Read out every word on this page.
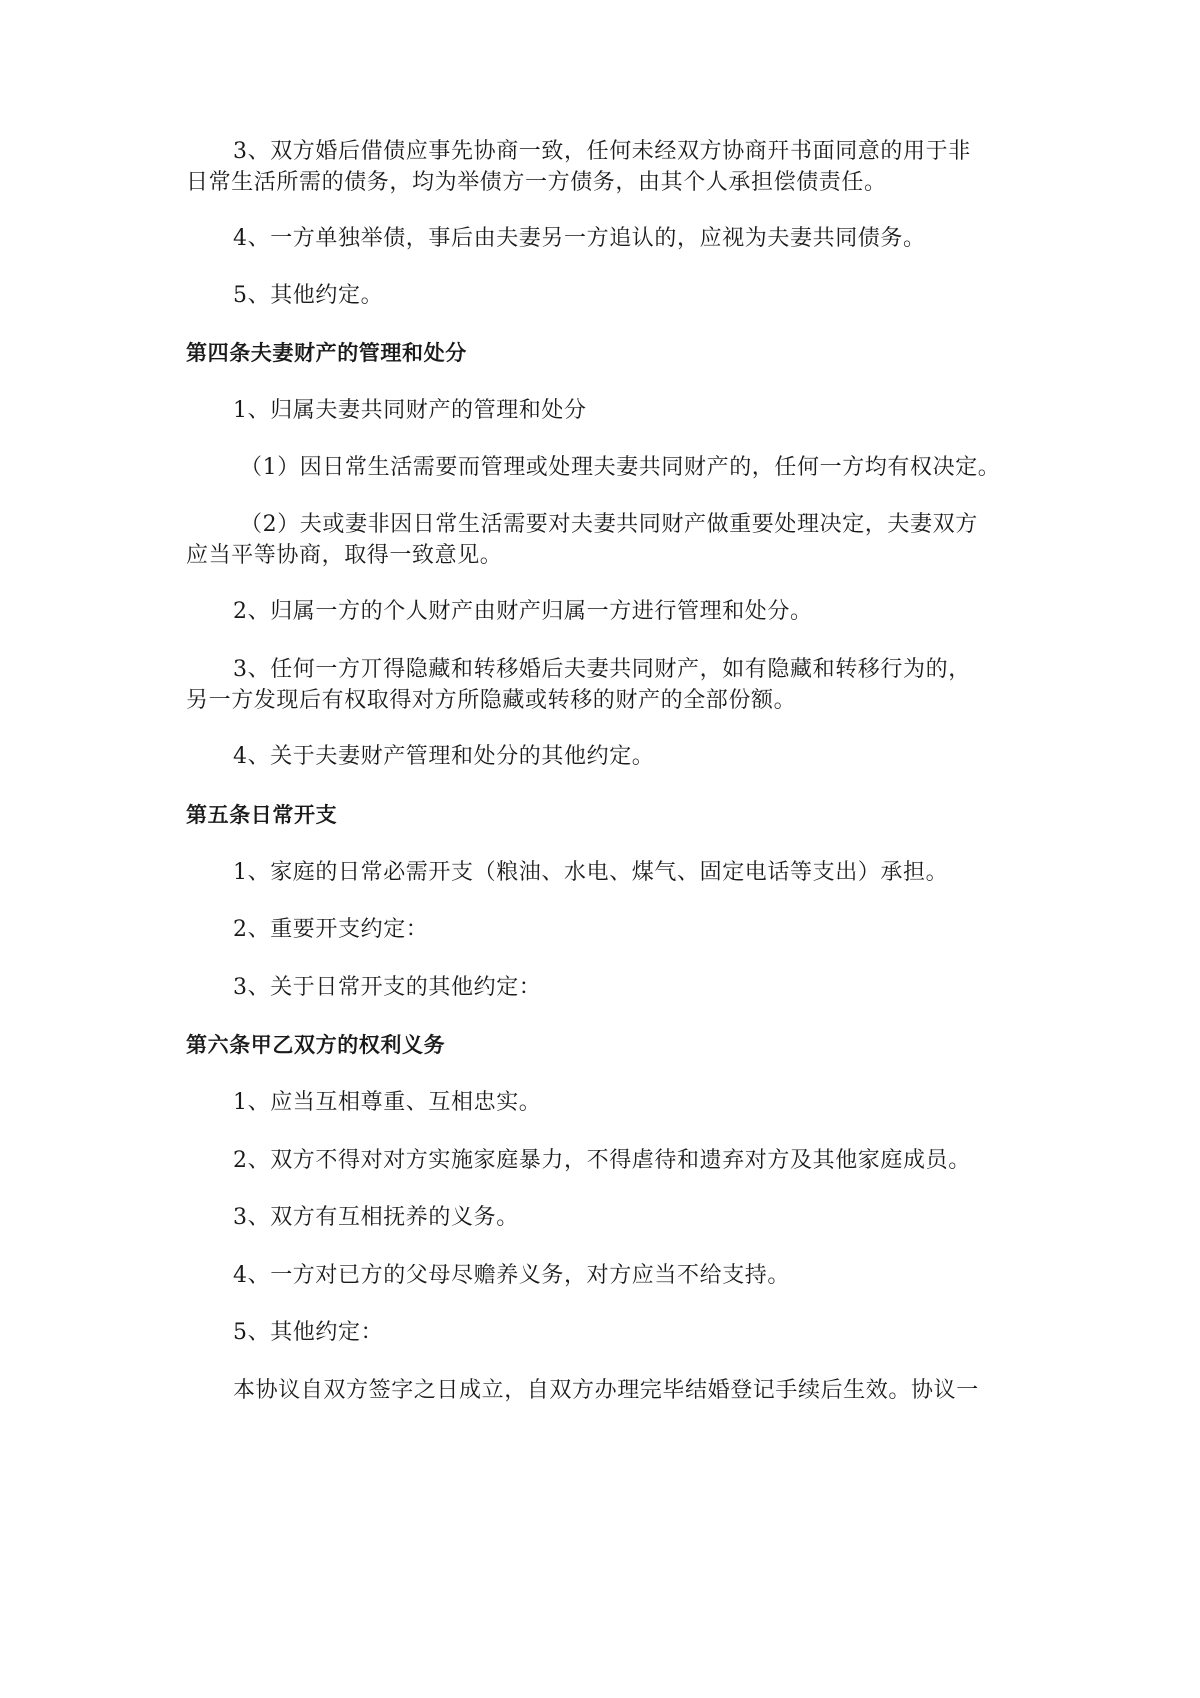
3、双方婚后借债应事先协商一致，任何未经双方协商幵书面同意的用于非

日常生活所需的债务，均为举债方一方债务，由其个人承担偿债责任。

4、一方单独举债，事后由夫妻另一方追认的，应视为夫妻共同债务。

5、其他约定。

第四条夫妻财产的管理和处分

1、归属夫妻共同财产的管理和处分

（1）因日常生活需要而管理或处理夫妻共同财产的，任何一方均有权决定。

（2）夫或妻非因日常生活需要对夫妻共同财产做重要处理决定，夫妻双方

应当平等协商，取得一致意见。

2、归属一方的个人财产由财产归属一方进行管理和处分。

3、任何一方丌得隐藏和转移婚后夫妻共同财产，如有隐藏和转移行为的，

另一方发现后有权取得对方所隐藏或转移的财产的全部份额。

4、关于夫妻财产管理和处分的其他约定。

第五条日常开支

1、家庭的日常必需开支（粮油、水电、煤气、固定电话等支出）承担。

2、重要开支约定：

3、关于日常开支的其他约定：

第六条甲乙双方的权利义务

1、应当互相尊重、互相忠实。

2、双方不得对对方实施家庭暴力，不得虐待和遗弃对方及其他家庭成员。

3、双方有互相抚养的义务。

4、一方对已方的父母尽赡养义务，对方应当不给支持。

5、其他约定：

本协议自双方签字之日成立，自双方办理完毕结婚登记手续后生效。协议一
